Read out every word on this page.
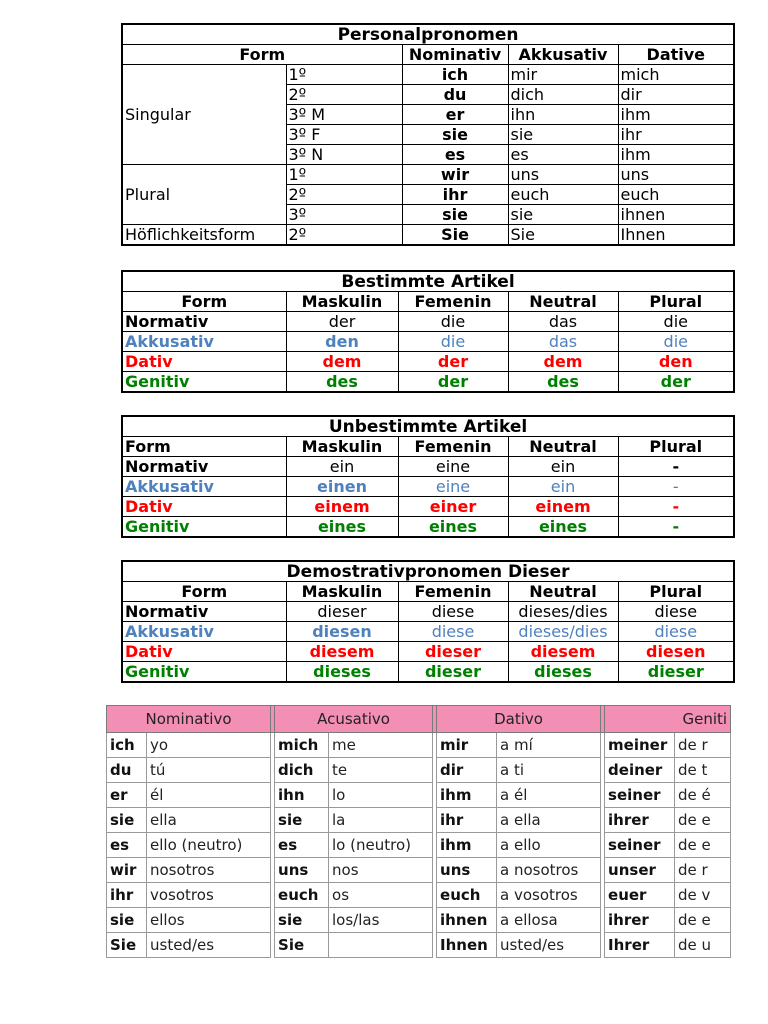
Personalpronomen				
Form		Nominativ	Akkusativ	Dative
Singular	1º	ich	mir	mich
	2º	du	dich	dir
	3º M	er	ihn	ihm
	3º F	sie	sie	ihr
	3º N	es	es	ihm
Plural	1º	wir	uns	uns
	2º	ihr	euch	euch
	3º	sie	sie	ihnen
Höflichkeitsform	2º	Sie	Sie	Ihnen
Bestimmte Artikel				
Form	Maskulin	Femenin	Neutral	Plural
Normativ	der	die	das	die
Akkusativ	den	die	das	die
Dativ	dem	der	dem	den
Genitiv	des	der	des	der
Unbestimmte Artikel				
Form	Maskulin	Femenin	Neutral	Plural
Normativ	ein	eine	ein	-
Akkusativ	einen	eine	ein	-
Dativ	einem	einer	einem	-
Genitiv	eines	eines	eines	-
Demostrativpronomen Dieser				
Form	Maskulin	Femenin	Neutral	Plural
Normativ	dieser	diese	dieses/dies	diese
Akkusativ	diesen	diese	dieses/dies	diese
Dativ	diesem	dieser	diesem	diesen
Genitiv	dieses	dieser	dieses	dieser
Nominativo			Acusativo			Dativo			Geniti	
ich	yo		mich	me		mir	a mí		meiner	de r
du	tú		dich	te		dir	a ti		deiner	de t
er	él		ihn	lo		ihm	a él		seiner	de é
sie	ella		sie	la		ihr	a ella		ihrer	de e
es	ello (neutro)		es	lo (neutro)		ihm	a ello		seiner	de e
wir	nosotros		uns	nos		uns	a nosotros		unser	de r
ihr	vosotros		euch	os		euch	a vosotros		euer	de v
sie	ellos		sie	los/las		ihnen	a ellosa		ihrer	de e
Sie	usted/es		Sie			Ihnen	usted/es		Ihrer	de u
